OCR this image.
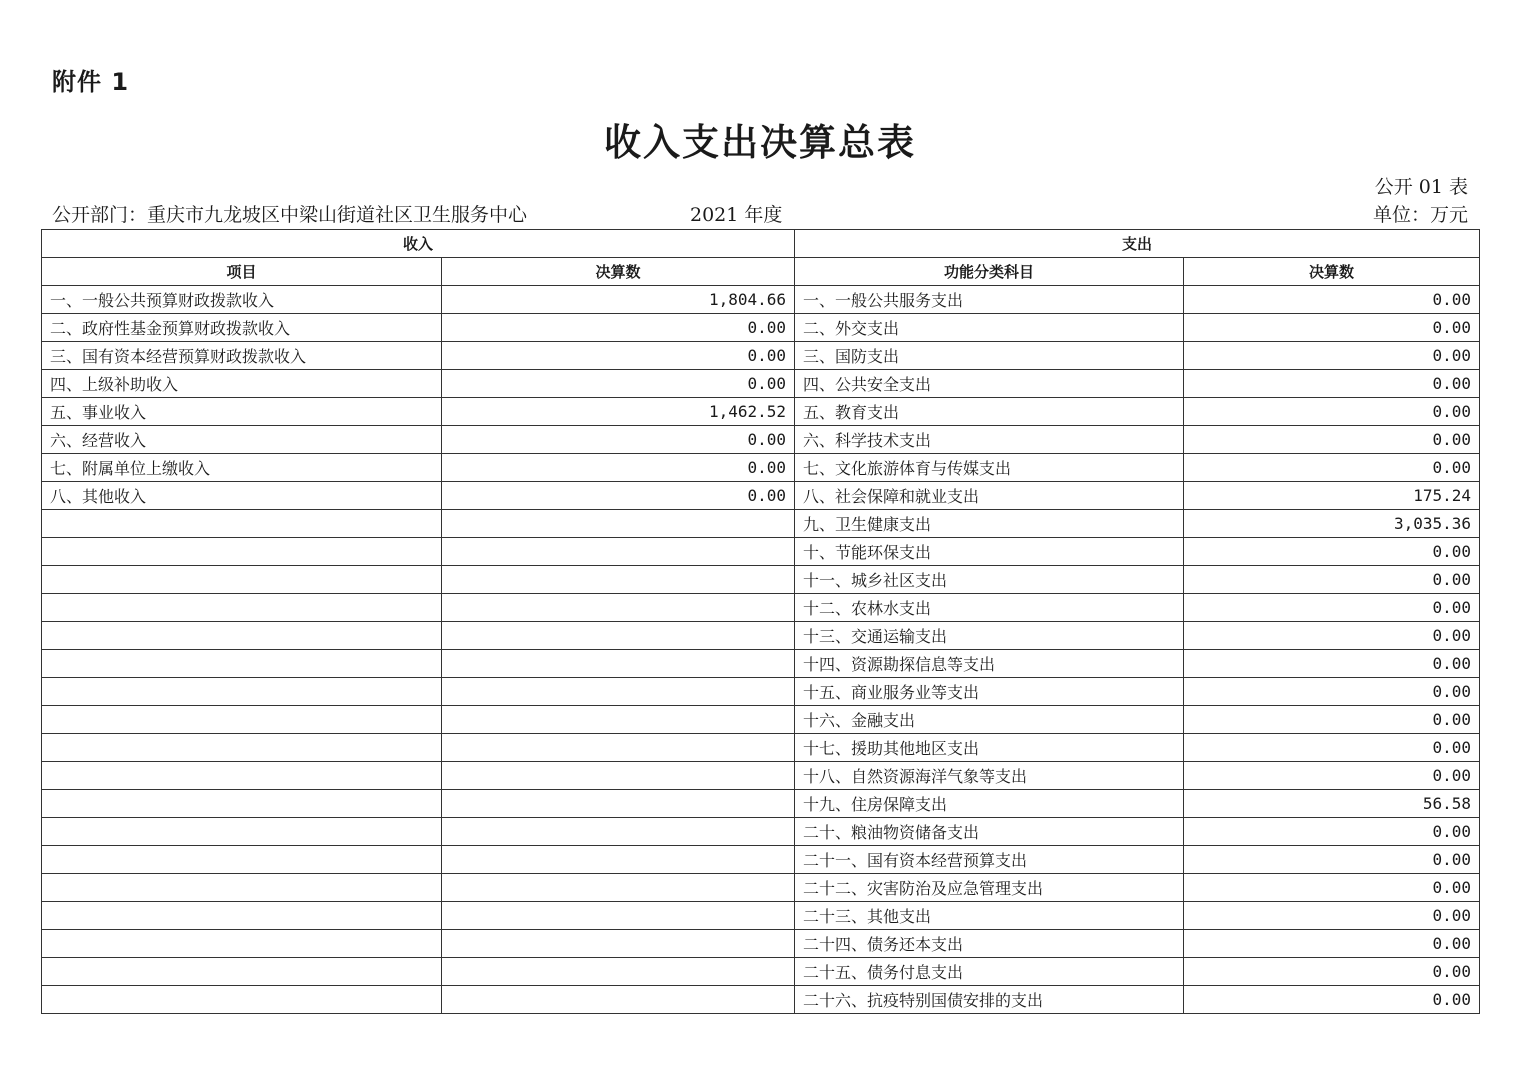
附件 1
收入支出决算总表
公开 01 表
公开部门：重庆市九龙坡区中梁山街道社区卫生服务中心	2021 年度	单位：万元
收入		支出	
项目	决算数	功能分类科目	决算数
一、一般公共预算财政拨款收入	1,804.66	一、一般公共服务支出	0.00
二、政府性基金预算财政拨款收入	0.00	二、外交支出	0.00
三、国有资本经营预算财政拨款收入	0.00	三、国防支出	0.00
四、上级补助收入	0.00	四、公共安全支出	0.00
五、事业收入	1,462.52	五、教育支出	0.00
六、经营收入	0.00	六、科学技术支出	0.00
七、附属单位上缴收入	0.00	七、文化旅游体育与传媒支出	0.00
八、其他收入	0.00	八、社会保障和就业支出	175.24
		九、卫生健康支出	3,035.36
		十、节能环保支出	0.00
		十一、城乡社区支出	0.00
		十二、农林水支出	0.00
		十三、交通运输支出	0.00
		十四、资源勘探信息等支出	0.00
		十五、商业服务业等支出	0.00
		十六、金融支出	0.00
		十七、援助其他地区支出	0.00
		十八、自然资源海洋气象等支出	0.00
		十九、住房保障支出	56.58
		二十、粮油物资储备支出	0.00
		二十一、国有资本经营预算支出	0.00
		二十二、灾害防治及应急管理支出	0.00
		二十三、其他支出	0.00
		二十四、债务还本支出	0.00
		二十五、债务付息支出	0.00
		二十六、抗疫特别国债安排的支出	0.00
